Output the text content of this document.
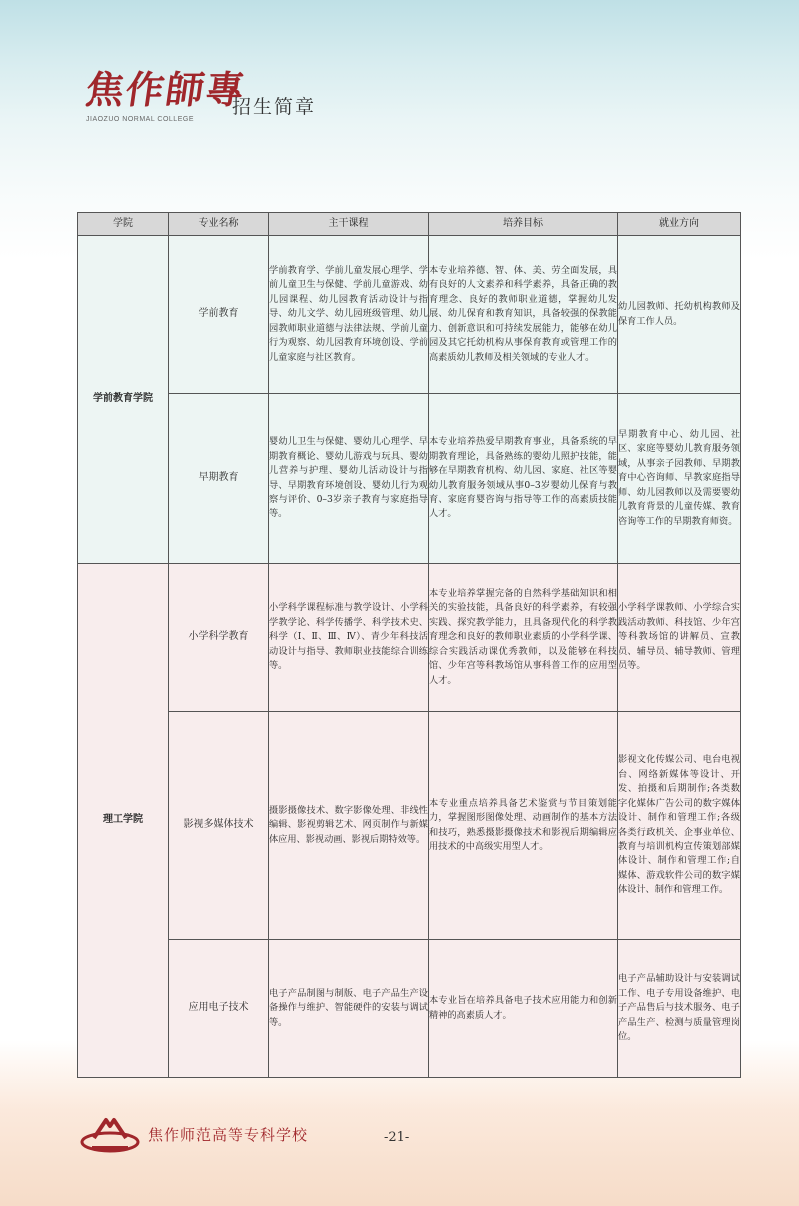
焦作師專
JIAOZUO NORMAL COLLEGE
招生简章
学院	专业名称	主干课程	培养目标	就业方向
学前教育学院	学前教育	学前教育学、学前儿童发展心理学、学前儿童卫生与保健、学前儿童游戏、幼儿园课程、幼儿园教育活动设计与指导、幼儿文学、幼儿园班级管理、幼儿园教师职业道德与法律法规、学前儿童行为观察、幼儿园教育环境创设、学前儿童家庭与社区教育。	本专业培养德、智、体、美、劳全面发展，具有良好的人文素养和科学素养，具备正确的教育理念、良好的教师职业道德，掌握幼儿发展、幼儿保育和教育知识，具备较强的保教能力、创新意识和可持续发展能力，能够在幼儿园及其它托幼机构从事保育教育或管理工作的高素质幼儿教师及相关领域的专业人才。	幼儿园教师、托幼机构教师及保育工作人员。
	早期教育	婴幼儿卫生与保健、婴幼儿心理学、早期教育概论、婴幼儿游戏与玩具、婴幼儿营养与护理、婴幼儿活动设计与指导、早期教育环境创设、婴幼儿行为观察与评价、0–3岁亲子教育与家庭指导等。	本专业培养热爱早期教育事业，具备系统的早期教育理论，具备熟练的婴幼儿照护技能，能够在早期教育机构、幼儿园、家庭、社区等婴幼儿教育服务领域从事0–3岁婴幼儿保育与教育、家庭育婴咨询与指导等工作的高素质技能人才。	早期教育中心、幼儿园、社区、家庭等婴幼儿教育服务领域，从事亲子园教师、早期教育中心咨询师、早教家庭指导师、幼儿园教师以及需要婴幼儿教育背景的儿童传媒、教育咨询等工作的早期教育师资。
理工学院	小学科学教育	小学科学课程标准与教学设计、小学科学教学论、科学传播学、科学技术史、科学（Ⅰ、Ⅱ、Ⅲ、Ⅳ）、青少年科技活动设计与指导、教师职业技能综合训练等。	本专业培养掌握完备的自然科学基础知识和相关的实验技能，具备良好的科学素养，有较强实践、探究教学能力，且具备现代化的科学教育理念和良好的教师职业素质的小学科学课、综合实践活动课优秀教师，以及能够在科技馆、少年宫等科教场馆从事科普工作的应用型人才。	小学科学课教师、小学综合实践活动教师、科技馆、少年宫等科教场馆的讲解员、宣教员、辅导员、辅导教师、管理员等。
	影视多媒体技术	摄影摄像技术、数字影像处理、非线性编辑、影视剪辑艺术、网页制作与新媒体应用、影视动画、影视后期特效等。	本专业重点培养具备艺术鉴赏与节目策划能力，掌握图形图像处理、动画制作的基本方法和技巧，熟悉摄影摄像技术和影视后期编辑应用技术的中高级实用型人才。	影视文化传媒公司、电台电视台、网络新媒体等设计、开发、拍摄和后期制作;各类数字化媒体广告公司的数字媒体设计、制作和管理工作;各级各类行政机关、企事业单位、教育与培训机构宣传策划部媒体设计、制作和管理工作;自媒体、游戏软件公司的数字媒体设计、制作和管理工作。
	应用电子技术	电子产品制图与制版、电子产品生产设备操作与维护、智能硬件的安装与调试等。	本专业旨在培养具备电子技术应用能力和创新精神的高素质人才。	电子产品辅助设计与安装调试工作、电子专用设备维护、电子产品售后与技术服务、电子产品生产、检测与质量管理岗位。
焦作师范高等专科学校	-21-
